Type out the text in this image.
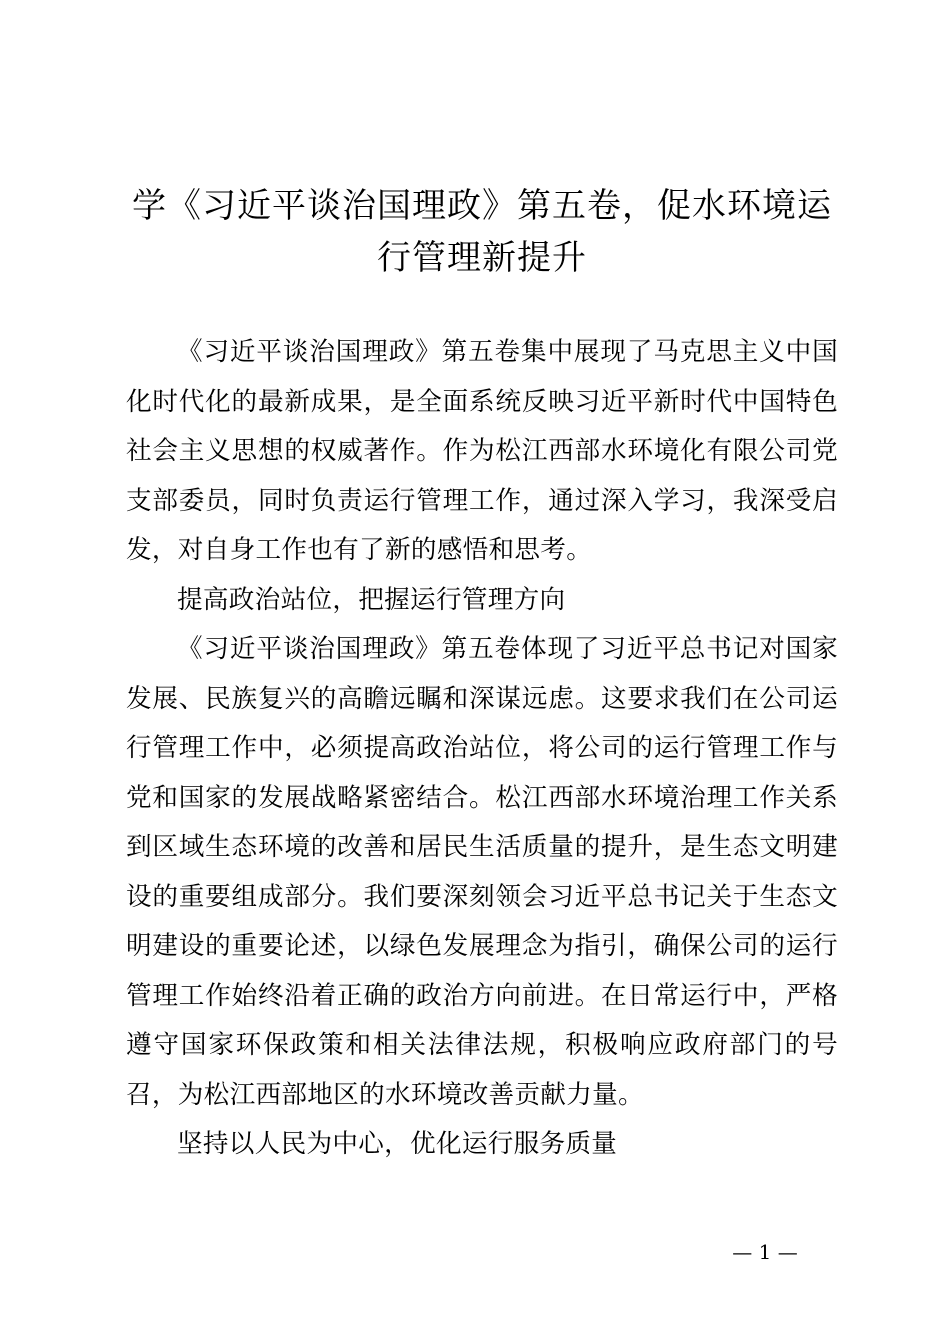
学《习近平谈治国理政》第五卷，促水环境运行管理新提升

《习近平谈治国理政》第五卷集中展现了马克思主义中国化时代化的最新成果，是全面系统反映习近平新时代中国特色社会主义思想的权威著作。作为松江西部水环境化有限公司党支部委员，同时负责运行管理工作，通过深入学习，我深受启发，对自身工作也有了新的感悟和思考。

提高政治站位，把握运行管理方向

《习近平谈治国理政》第五卷体现了习近平总书记对国家发展、民族复兴的高瞻远瞩和深谋远虑。这要求我们在公司运行管理工作中，必须提高政治站位，将公司的运行管理工作与党和国家的发展战略紧密结合。松江西部水环境治理工作关系到区域生态环境的改善和居民生活质量的提升，是生态文明建设的重要组成部分。我们要深刻领会习近平总书记关于生态文明建设的重要论述，以绿色发展理念为指引，确保公司的运行管理工作始终沿着正确的政治方向前进。在日常运行中，严格遵守国家环保政策和相关法律法规，积极响应政府部门的号召，为松江西部地区的水环境改善贡献力量。

坚持以人民为中心，优化运行服务质量

— 1 —
